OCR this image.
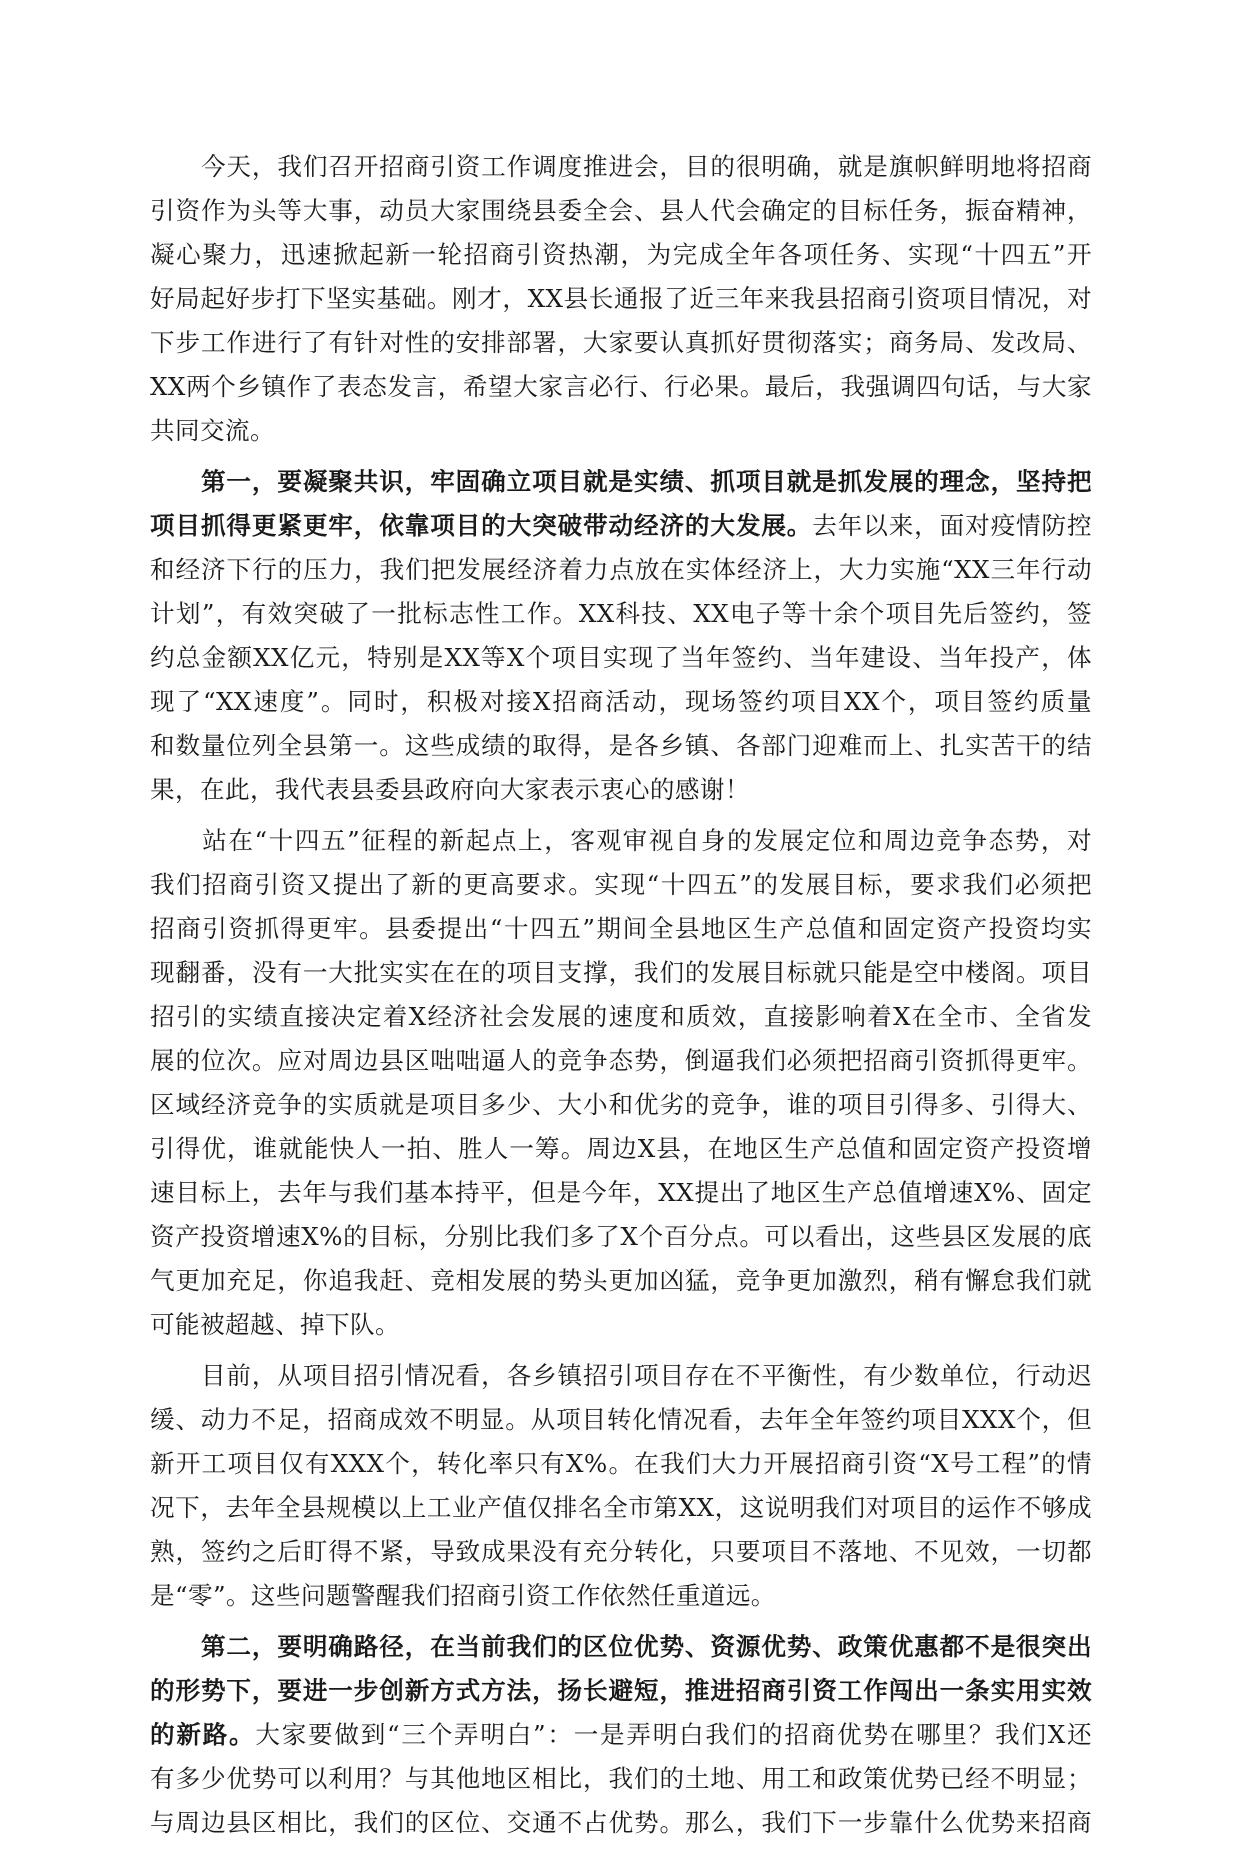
　　今天，我们召开招商引资工作调度推进会，目的很明确，就是旗帜鲜明地将招商
引资作为头等大事，动员大家围绕县委全会、县人代会确定的目标任务，振奋精神，
凝心聚力，迅速掀起新一轮招商引资热潮，为完成全年各项任务、实现“十四五”开
好局起好步打下坚实基础。刚才，XX县长通报了近三年来我县招商引资项目情况，对
下步工作进行了有针对性的安排部署，大家要认真抓好贯彻落实；商务局、发改局、
XX两个乡镇作了表态发言，希望大家言必行、行必果。最后，我强调四句话，与大家
共同交流。
　　第一，要凝聚共识，牢固确立项目就是实绩、抓项目就是抓发展的理念，坚持把
项目抓得更紧更牢，依靠项目的大突破带动经济的大发展。去年以来，面对疫情防控
和经济下行的压力，我们把发展经济着力点放在实体经济上，大力实施“XX三年行动
计划”，有效突破了一批标志性工作。XX科技、XX电子等十余个项目先后签约，签
约总金额XX亿元，特别是XX等X个项目实现了当年签约、当年建设、当年投产，体
现了“XX速度”。同时，积极对接X招商活动，现场签约项目XX个，项目签约质量
和数量位列全县第一。这些成绩的取得，是各乡镇、各部门迎难而上、扎实苦干的结
果，在此，我代表县委县政府向大家表示衷心的感谢！
　　站在“十四五”征程的新起点上，客观审视自身的发展定位和周边竞争态势，对
我们招商引资又提出了新的更高要求。实现“十四五”的发展目标，要求我们必须把
招商引资抓得更牢。县委提出“十四五”期间全县地区生产总值和固定资产投资均实
现翻番，没有一大批实实在在的项目支撑，我们的发展目标就只能是空中楼阁。项目
招引的实绩直接决定着X经济社会发展的速度和质效，直接影响着X在全市、全省发
展的位次。应对周边县区咄咄逼人的竞争态势，倒逼我们必须把招商引资抓得更牢。
区域经济竞争的实质就是项目多少、大小和优劣的竞争，谁的项目引得多、引得大、
引得优，谁就能快人一拍、胜人一筹。周边X县，在地区生产总值和固定资产投资增
速目标上，去年与我们基本持平，但是今年，XX提出了地区生产总值增速X%、固定
资产投资增速X%的目标，分别比我们多了X个百分点。可以看出，这些县区发展的底
气更加充足，你追我赶、竞相发展的势头更加凶猛，竞争更加激烈，稍有懈怠我们就
可能被超越、掉下队。
　　目前，从项目招引情况看，各乡镇招引项目存在不平衡性，有少数单位，行动迟
缓、动力不足，招商成效不明显。从项目转化情况看，去年全年签约项目XXX个，但
新开工项目仅有XXX个，转化率只有X%。在我们大力开展招商引资“X号工程”的情
况下，去年全县规模以上工业产值仅排名全市第XX，这说明我们对项目的运作不够成
熟，签约之后盯得不紧，导致成果没有充分转化，只要项目不落地、不见效，一切都
是“零”。这些问题警醒我们招商引资工作依然任重道远。
　　第二，要明确路径，在当前我们的区位优势、资源优势、政策优惠都不是很突出
的形势下，要进一步创新方式方法，扬长避短，推进招商引资工作闯出一条实用实效
的新路。大家要做到“三个弄明白”：一是弄明白我们的招商优势在哪里？我们X还
有多少优势可以利用？与其他地区相比，我们的土地、用工和政策优势已经不明显；
与周边县区相比，我们的区位、交通不占优势。那么，我们下一步靠什么优势来招商
